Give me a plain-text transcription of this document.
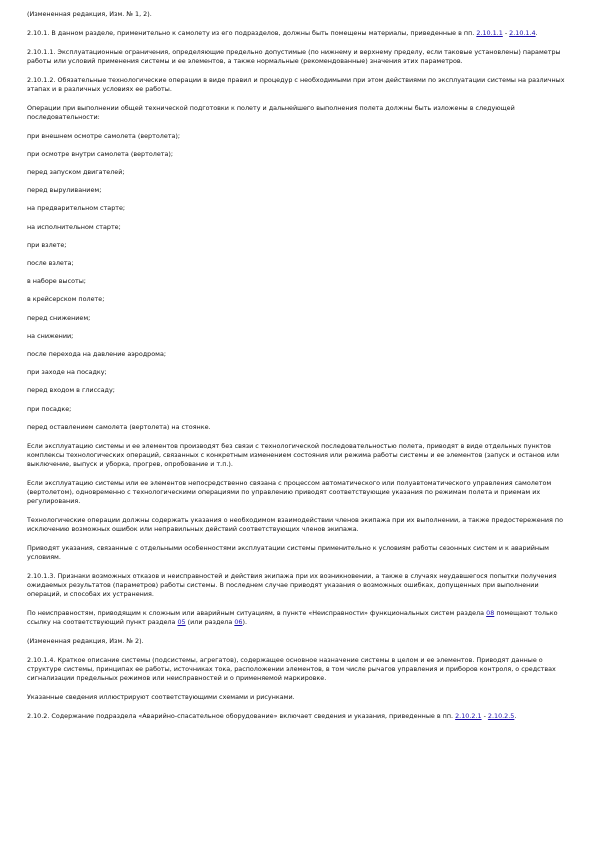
(Измененная редакция, Изм. № 1, 2).

2.10.1. В данном разделе, применительно к самолету из его подразделов, должны быть помещены материалы, приведенные в пп. 2.10.1.1 - 2.10.1.4.

2.10.1.1. Эксплуатационные ограничения, определяющие предельно допустимые (по нижнему и верхнему пределу, если таковые установлены) параметры работы или условий применения системы и ее элементов, а также нормальные (рекомендованные) значения этих параметров.

2.10.1.2. Обязательные технологические операции в виде правил и процедур с необходимыми при этом действиями по эксплуатации системы на различных этапах и в различных условиях ее работы.

Операции при выполнении общей технической подготовки к полету и дальнейшего выполнения полета должны быть изложены в следующей последовательности:

при внешнем осмотре самолета (вертолета);

при осмотре внутри самолета (вертолета);

перед запуском двигателей;

перед выруливанием;

на предварительном старте;

на исполнительном старте;

при взлете;

после взлета;

в наборе высоты;

в крейсерском полете;

перед снижением;

на снижении;

после перехода на давление аэродрома;

при заходе на посадку;

перед входом в глиссаду;

при посадке;

перед оставлением самолета (вертолета) на стоянке.

Если эксплуатацию системы и ее элементов производят без связи с технологической последовательностью полета, приводят в виде отдельных пунктов комплексы технологических операций, связанных с конкретным изменением состояния или режима работы системы и ее элементов (запуск и останов или выключение, выпуск и уборка, прогрев, опробование и т.п.).

Если эксплуатацию системы или ее элементов непосредственно связана с процессом автоматического или полуавтоматического управления самолетом (вертолетом), одновременно с технологическими операциями по управлению приводят соответствующие указания по режимам полета и приемам их регулирования.

Технологические операции должны содержать указания о необходимом взаимодействии членов экипажа при их выполнении, а также предостережения по исключению возможных ошибок или неправильных действий соответствующих членов экипажа.

Приводят указания, связанные с отдельными особенностями эксплуатации системы применительно к условиям работы сезонных систем и к аварийным условиям.

2.10.1.3. Признаки возможных отказов и неисправностей и действия экипажа при их возникновении, а также в случаях неудавшегося попытки получения ожидаемых результатов (параметров) работы системы. В последнем случае приводят указания о возможных ошибках, допущенных при выполнении операций, и способах их устранения.

По неисправностям, приводящим к сложным или аварийным ситуациям, в пункте «Неисправности» функциональных систем раздела 08 помещают только ссылку на соответствующий пункт раздела 05 (или раздела 06).

(Измененная редакция, Изм. № 2).

2.10.1.4. Краткое описание системы (подсистемы, агрегатов), содержащее основное назначение системы в целом и ее элементов. Приводят данные о структуре системы, принципах ее работы, источниках тока, расположении элементов, в том числе рычагов управления и приборов контроля, о средствах сигнализации предельных режимов или неисправностей и о применяемой маркировке.

Указанные сведения иллюстрируют соответствующими схемами и рисунками.

2.10.2. Содержание подраздела «Аварийно-спасательное оборудование» включает сведения и указания, приведенные в пп. 2.10.2.1 - 2.10.2.5.
